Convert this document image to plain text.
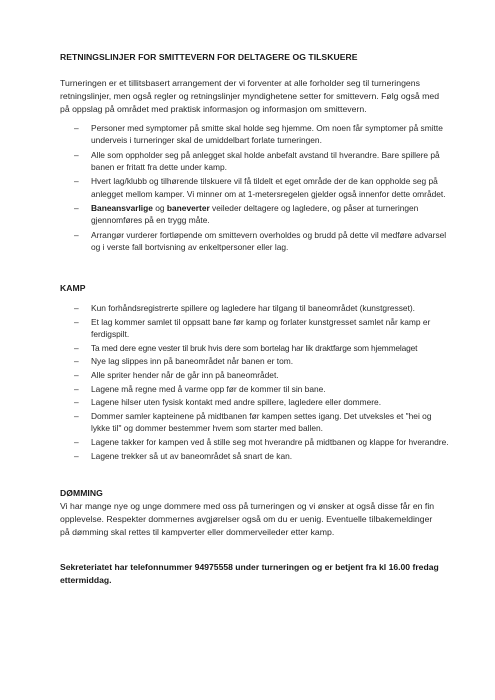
RETNINGSLINJER FOR SMITTEVERN FOR DELTAGERE OG TILSKUERE
Turneringen er et tillitsbasert arrangement der vi forventer at alle forholder seg til turneringens retningslinjer, men også regler og retningslinjer myndighetene setter for smittevern. Følg også med på oppslag på området med praktisk informasjon og informasjon om smittevern.
– Personer med symptomer på smitte skal holde seg hjemme. Om noen får symptomer på smitte underveis i turneringer skal de umiddelbart forlate turneringen.
– Alle som oppholder seg på anlegget skal holde anbefalt avstand til hverandre. Bare spillere på banen er fritatt fra dette under kamp.
– Hvert lag/klubb og tilhørende tilskuere vil få tildelt et eget område der de kan oppholde seg på anlegget mellom kamper. Vi minner om at 1-metersregelen gjelder også innenfor dette området.
– Baneansvarlige og baneverter veileder deltagere og lagledere, og påser at turneringen gjennomføres på en trygg måte.
– Arrangør vurderer fortløpende om smittevern overholdes og brudd på dette vil medføre advarsel og i verste fall bortvisning av enkeltpersoner eller lag.
KAMP
– Kun forhåndsregistrerte spillere og lagledere har tilgang til baneområdet (kunstgresset).
– Et lag kommer samlet til oppsatt bane før kamp og forlater kunstgresset samlet når kamp er ferdigspilt.
– Ta med dere egne vester til bruk hvis dere som bortelag har lik draktfarge som hjemmelaget
– Nye lag slippes inn på baneområdet når banen er tom.
– Alle spriter hender når de går inn på baneområdet.
– Lagene må regne med å varme opp før de kommer til sin bane.
– Lagene hilser uten fysisk kontakt med andre spillere, lagledere eller dommere.
– Dommer samler kapteinene på midtbanen før kampen settes igang. Det utveksles et "hei og lykke til" og dommer bestemmer hvem som starter med ballen.
– Lagene takker for kampen ved å stille seg mot hverandre på midtbanen og klappe for hverandre.
– Lagene trekker så ut av baneområdet så snart de kan.
DØMMING
Vi har mange nye og unge dommere med oss på turneringen og vi ønsker at også disse får en fin opplevelse. Respekter dommernes avgjørelser også om du er uenig. Eventuelle tilbakemeldinger på dømming skal rettes til kampverter eller dommerveileder etter kamp.
Sekreteriatet har telefonnummer 94975558 under turneringen og er betjent fra kl 16.00 fredag ettermiddag.
